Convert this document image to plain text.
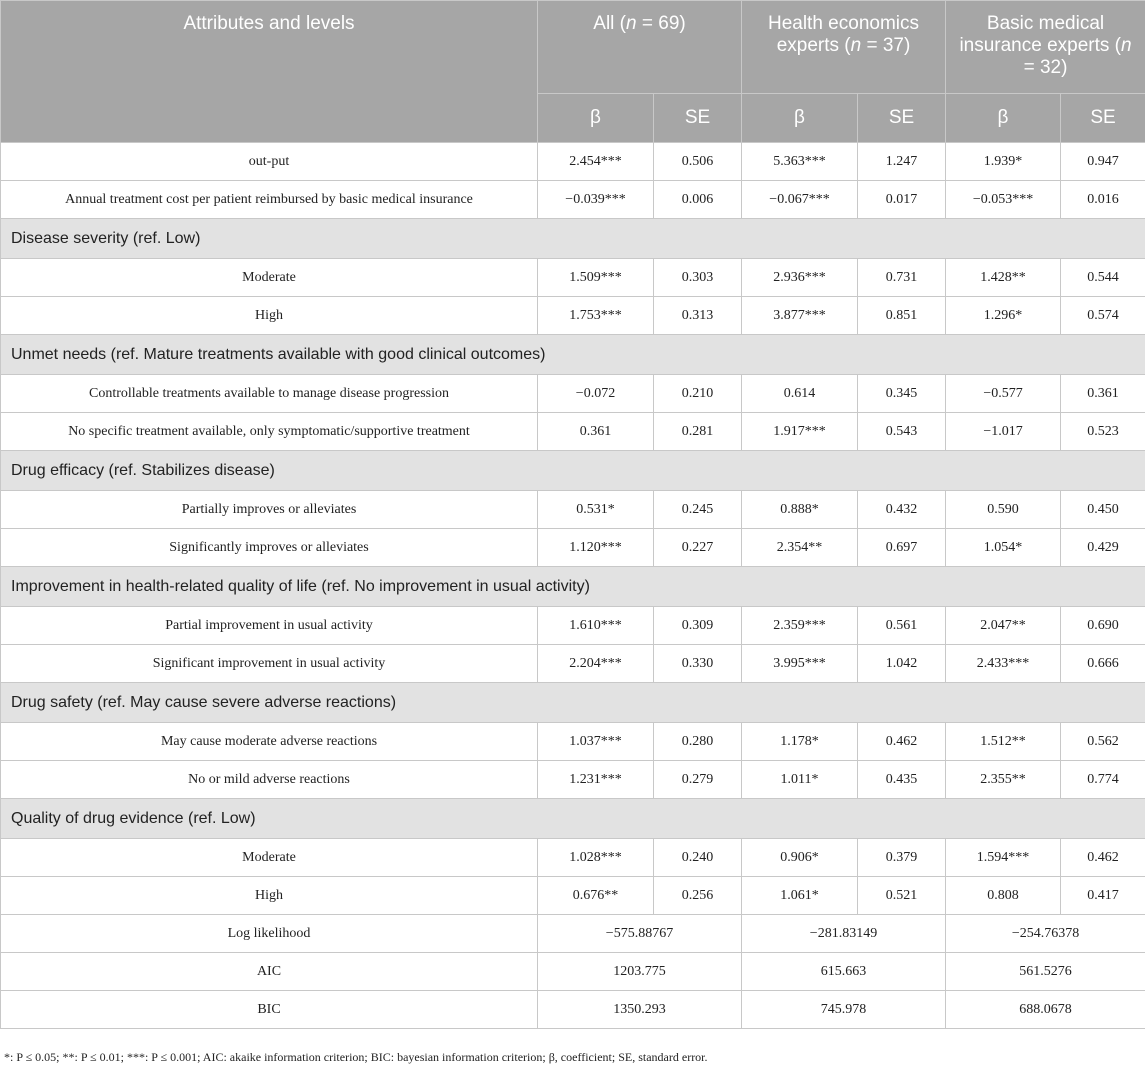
Attributes and levels	All (n = 69)		Health economics experts (n = 37)		Basic medical insurance experts (n = 32)	
	β	SE	β	SE	β	SE
out-put	2.454***	0.506	5.363***	1.247	1.939*	0.947
Annual treatment cost per patient reimbursed by basic medical insurance	−0.039***	0.006	−0.067***	0.017	−0.053***	0.016
Disease severity (ref. Low)						
Moderate	1.509***	0.303	2.936***	0.731	1.428**	0.544
High	1.753***	0.313	3.877***	0.851	1.296*	0.574
Unmet needs (ref. Mature treatments available with good clinical outcomes)						
Controllable treatments available to manage disease progression	−0.072	0.210	0.614	0.345	−0.577	0.361
No specific treatment available, only symptomatic/supportive treatment	0.361	0.281	1.917***	0.543	−1.017	0.523
Drug efficacy (ref. Stabilizes disease)						
Partially improves or alleviates	0.531*	0.245	0.888*	0.432	0.590	0.450
Significantly improves or alleviates	1.120***	0.227	2.354**	0.697	1.054*	0.429
Improvement in health-related quality of life (ref. No improvement in usual activity)						
Partial improvement in usual activity	1.610***	0.309	2.359***	0.561	2.047**	0.690
Significant improvement in usual activity	2.204***	0.330	3.995***	1.042	2.433***	0.666
Drug safety (ref. May cause severe adverse reactions)						
May cause moderate adverse reactions	1.037***	0.280	1.178*	0.462	1.512**	0.562
No or mild adverse reactions	1.231***	0.279	1.011*	0.435	2.355**	0.774
Quality of drug evidence (ref. Low)						
Moderate	1.028***	0.240	0.906*	0.379	1.594***	0.462
High	0.676**	0.256	1.061*	0.521	0.808	0.417
Log likelihood	−575.88767		−281.83149		−254.76378	
AIC	1203.775		615.663		561.5276	
BIC	1350.293		745.978		688.0678	
*: P ≤ 0.05; **: P ≤ 0.01; ***: P ≤ 0.001; AIC: akaike information criterion; BIC: bayesian information criterion; β, coefficient; SE, standard error.
